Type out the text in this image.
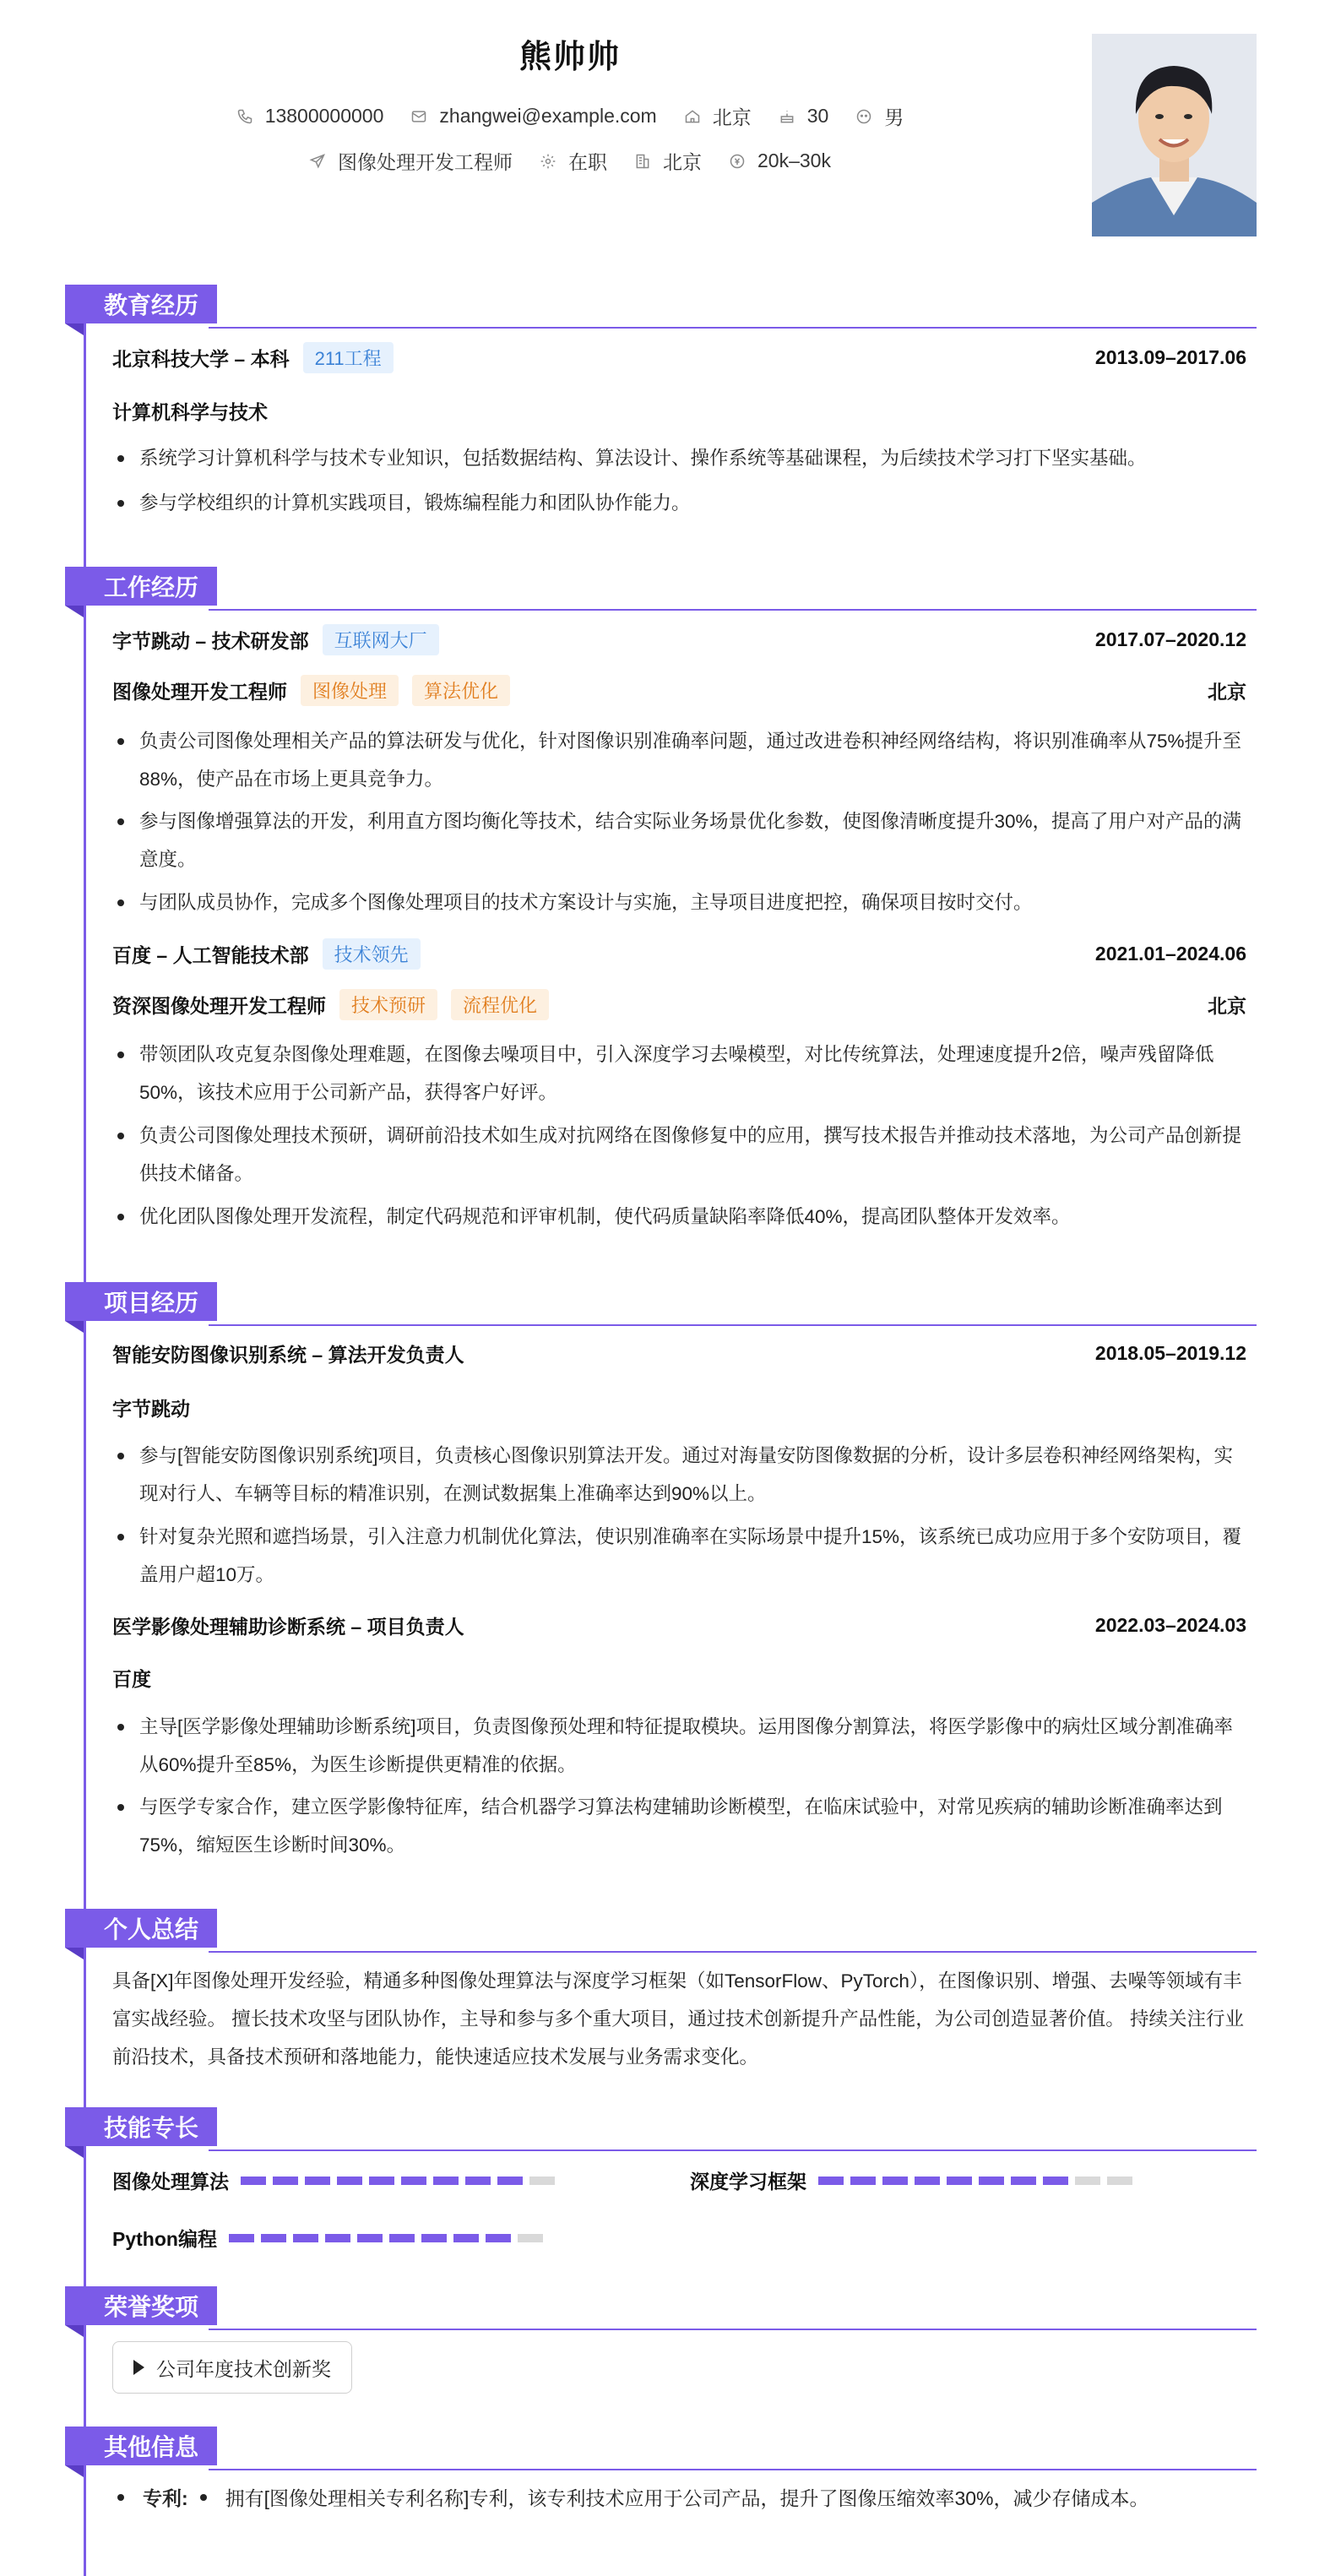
熊帅帅
13800000000	zhangwei@example.com	北京	30	男
图像处理开发工程师	在职	北京	20k–30k
教育经历
北京科技大学 – 本科	211工程	2013.09–2017.06
计算机科学与技术
系统学习计算机科学与技术专业知识，包括数据结构、算法设计、操作系统等基础课程，为后续技术学习打下坚实基础。
参与学校组织的计算机实践项目，锻炼编程能力和团队协作能力。
工作经历
字节跳动 – 技术研发部	互联网大厂	2017.07–2020.12
图像处理开发工程师	图像处理	算法优化	北京
负责公司图像处理相关产品的算法研发与优化，针对图像识别准确率问题，通过改进卷积神经网络结构，将识别准确率从75%提升至88%，使产品在市场上更具竞争力。
参与图像增强算法的开发，利用直方图均衡化等技术，结合实际业务场景优化参数，使图像清晰度提升30%，提高了用户对产品的满意度。
与团队成员协作，完成多个图像处理项目的技术方案设计与实施，主导项目进度把控，确保项目按时交付。
百度 – 人工智能技术部	技术领先	2021.01–2024.06
资深图像处理开发工程师	技术预研	流程优化	北京
带领团队攻克复杂图像处理难题，在图像去噪项目中，引入深度学习去噪模型，对比传统算法，处理速度提升2倍，噪声残留降低50%，该技术应用于公司新产品，获得客户好评。
负责公司图像处理技术预研，调研前沿技术如生成对抗网络在图像修复中的应用，撰写技术报告并推动技术落地，为公司产品创新提供技术储备。
优化团队图像处理开发流程，制定代码规范和评审机制，使代码质量缺陷率降低40%，提高团队整体开发效率。
项目经历
智能安防图像识别系统 – 算法开发负责人	2018.05–2019.12
字节跳动
参与[智能安防图像识别系统]项目，负责核心图像识别算法开发。通过对海量安防图像数据的分析，设计多层卷积神经网络架构，实现对行人、车辆等目标的精准识别，在测试数据集上准确率达到90%以上。
针对复杂光照和遮挡场景，引入注意力机制优化算法，使识别准确率在实际场景中提升15%，该系统已成功应用于多个安防项目，覆盖用户超10万。
医学影像处理辅助诊断系统 – 项目负责人	2022.03–2024.03
百度
主导[医学影像处理辅助诊断系统]项目，负责图像预处理和特征提取模块。运用图像分割算法，将医学影像中的病灶区域分割准确率从60%提升至85%，为医生诊断提供更精准的依据。
与医学专家合作，建立医学影像特征库，结合机器学习算法构建辅助诊断模型，在临床试验中，对常见疾病的辅助诊断准确率达到75%，缩短医生诊断时间30%。
个人总结
具备[X]年图像处理开发经验，精通多种图像处理算法与深度学习框架（如TensorFlow、PyTorch），在图像识别、增强、去噪等领域有丰富实战经验。 擅长技术攻坚与团队协作，主导和参与多个重大项目，通过技术创新提升产品性能，为公司创造显著价值。 持续关注行业前沿技术，具备技术预研和落地能力，能快速适应技术发展与业务需求变化。
技能专长
图像处理算法	深度学习框架
Python编程
荣誉奖项
公司年度技术创新奖
其他信息
专利: 拥有[图像处理相关专利名称]专利，该专利技术应用于公司产品，提升了图像压缩效率30%，减少存储成本。
